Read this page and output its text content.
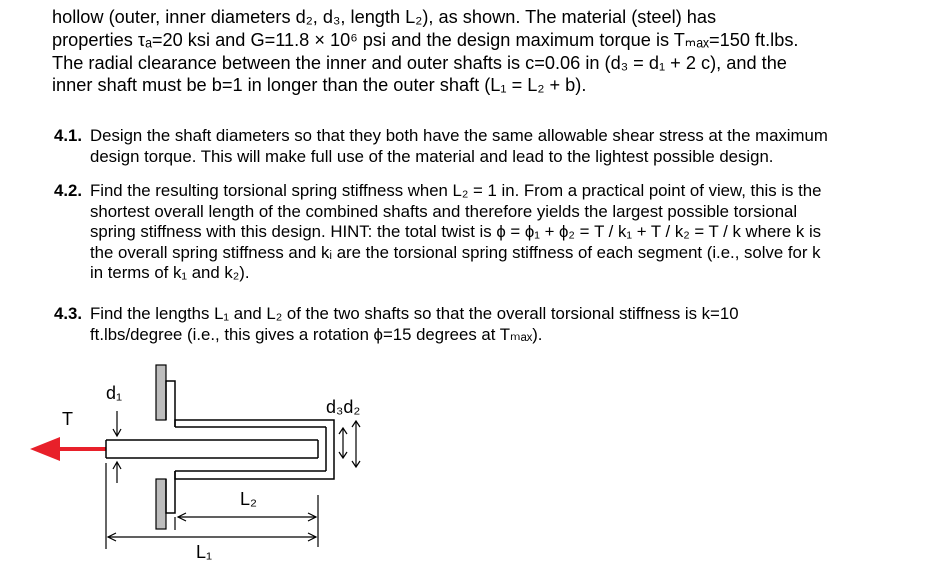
hollow (outer, inner diameters d₂, d₃, length L₂), as shown. The material (steel) has
properties τₐ=20 ksi and G=11.8 × 10⁶ psi and the design maximum torque is Tₘₐₓ=150 ft.lbs.
The radial clearance between the inner and outer shafts is c=0.06 in (d₃ = d₁ + 2 c), and the
inner shaft must be b=1 in longer than the outer shaft (L₁ = L₂ + b).
4.1. Design the shaft diameters so that they both have the same allowable shear stress at the maximum
design torque. This will make full use of the material and lead to the lightest possible design.
4.2. Find the resulting torsional spring stiffness when L₂ = 1 in. From a practical point of view, this is the
shortest overall length of the combined shafts and therefore yields the largest possible torsional
spring stiffness with this design. HINT: the total twist is ϕ = ϕ₁ + ϕ₂ = T / k₁ + T / k₂ = T / k where k is
the overall spring stiffness and kᵢ are the torsional spring stiffness of each segment (i.e., solve for k
in terms of k₁ and k₂).
4.3. Find the lengths L₁ and L₂ of the two shafts so that the overall torsional stiffness is k=10
ft.lbs/degree (i.e., this gives a rotation ϕ=15 degrees at Tₘₐₓ).
T
d₁
d₃d₂
L₂
L₁
